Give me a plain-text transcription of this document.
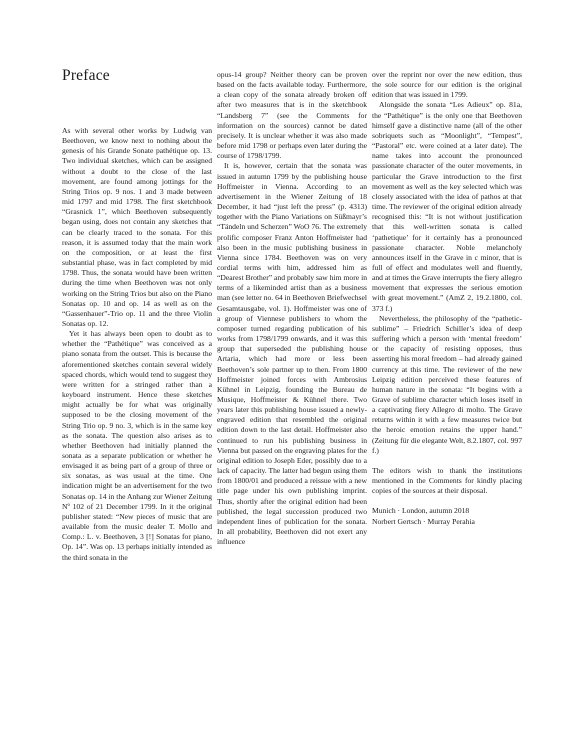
Preface

As with several other works by Ludwig van Beethoven, we know next to nothing about the genesis of his Grande Sonate pathétique op. 13. Two individual sketches, which can be assigned without a doubt to the close of the last movement, are found among jottings for the String Trios op. 9 nos. 1 and 3 made between mid 1797 and mid 1798. The first sketchbook “Grasnick 1”, which Beethoven subsequently began using, does not contain any sketches that can be clearly traced to the sonata. For this reason, it is assumed today that the main work on the composition, or at least the first substantial phase, was in fact completed by mid 1798. Thus, the sonata would have been written during the time when Beethoven was not only working on the String Trios but also on the Piano Sonatas op. 10 and op. 14 as well as on the “Gassenhauer”-Trio op. 11 and the three Violin Sonatas op. 12.

Yet it has always been open to doubt as to whether the “Pathétique” was conceived as a piano sonata from the outset. This is because the aforementioned sketches contain several widely spaced chords, which would tend to suggest they were written for a stringed rather than a keyboard instrument. Hence these sketches might actually be for what was originally supposed to be the closing movement of the String Trio op. 9 no. 3, which is in the same key as the sonata. The question also arises as to whether Beethoven had initially planned the sonata as a separate publication or whether he envisaged it as being part of a group of three or six sonatas, as was usual at the time. One indication might be an advertisement for the two Sonatas op. 14 in the Anhang zur Wiener Zeitung Nº 102 of 21 December 1799. In it the original publisher stated: “New pieces of music that are available from the music dealer T. Mollo and Comp.: L. v. Beethoven, 3 [!] Sonatas for piano, Op. 14”. Was op. 13 perhaps initially intended as the third sonata in the

opus-14 group? Neither theory can be proven based on the facts available today. Furthermore, a clean copy of the sonata already broken off after two measures that is in the sketchbook “Landsberg 7” (see the Comments for information on the sources) cannot be dated precisely. It is unclear whether it was also made before mid 1798 or perhaps even later during the course of 1798/1799.

It is, however, certain that the sonata was issued in autumn 1799 by the publishing house Hoffmeister in Vienna. According to an advertisement in the Wiener Zeitung of 18 December, it had “just left the press” (p. 4313) together with the Piano Variations on Süßmayr’s “Tändeln und Scherzen” WoO 76. The extremely prolific composer Franz Anton Hoffmeister had also been in the music publishing business in Vienna since 1784. Beethoven was on very cordial terms with him, addressed him as “Dearest Brother” and probably saw him more in terms of a likeminded artist than as a business man (see letter no. 64 in Beethoven Briefwechsel Gesamtausgabe, vol. 1). Hoffmeister was one of a group of Viennese publishers to whom the composer turned regarding publication of his works from 1798/1799 onwards, and it was this group that superseded the publishing house Artaria, which had more or less been Beethoven’s sole partner up to then. From 1800 Hoffmeister joined forces with Ambrosius Kühnel in Leipzig, founding the Bureau de Musique, Hoffmeister & Kühnel there. Two years later this publishing house issued a newly-engraved edition that resembled the original edition down to the last detail. Hoffmeister also continued to run his publishing business in Vienna but passed on the engraving plates for the original edition to Joseph Eder, possibly due to a lack of capacity. The latter had begun using them from 1800/01 and produced a reissue with a new title page under his own publishing imprint. Thus, shortly after the original edition had been published, the legal succession produced two independent lines of publication for the sonata. In all probability, Beethoven did not exert any influence

over the reprint nor over the new edition, thus the sole source for our edition is the original edition that was issued in 1799.

Alongside the sonata “Les Adieux” op. 81a, the “Pathétique” is the only one that Beethoven himself gave a distinctive name (all of the other sobriquets such as “Moonlight”, “Tempest”, “Pastoral” etc. were coined at a later date). The name takes into account the pronounced passionate character of the outer movements, in particular the Grave introduction to the first movement as well as the key selected which was closely associated with the idea of pathos at that time. The reviewer of the original edition already recognised this: “It is not without justification that this well-written sonata is called ‘pathetique’ for it certainly has a pronounced passionate character. Noble melancholy announces itself in the Grave in c minor, that is full of effect and modulates well and fluently, and at times the Grave interrupts the fiery allegro movement that expresses the serious emotion with great movement.” (AmZ 2, 19.2.1800, col. 373 f.)

Nevertheless, the philosophy of the “pathetic-sublime” – Friedrich Schiller’s idea of deep suffering which a person with ‘mental freedom’ or the capacity of resisting opposes, thus asserting his moral freedom – had already gained currency at this time. The reviewer of the new Leipzig edition perceived these features of human nature in the sonata: “It begins with a Grave of sublime character which loses itself in a captivating fiery Allegro di molto. The Grave returns within it with a few measures twice but the heroic emotion retains the upper hand.” (Zeitung für die elegante Welt, 8.2.1807, col. 997 f.)

The editors wish to thank the institutions mentioned in the Comments for kindly placing copies of the sources at their disposal.

Munich · London, autumn 2018
Norbert Gertsch · Murray Perahia
